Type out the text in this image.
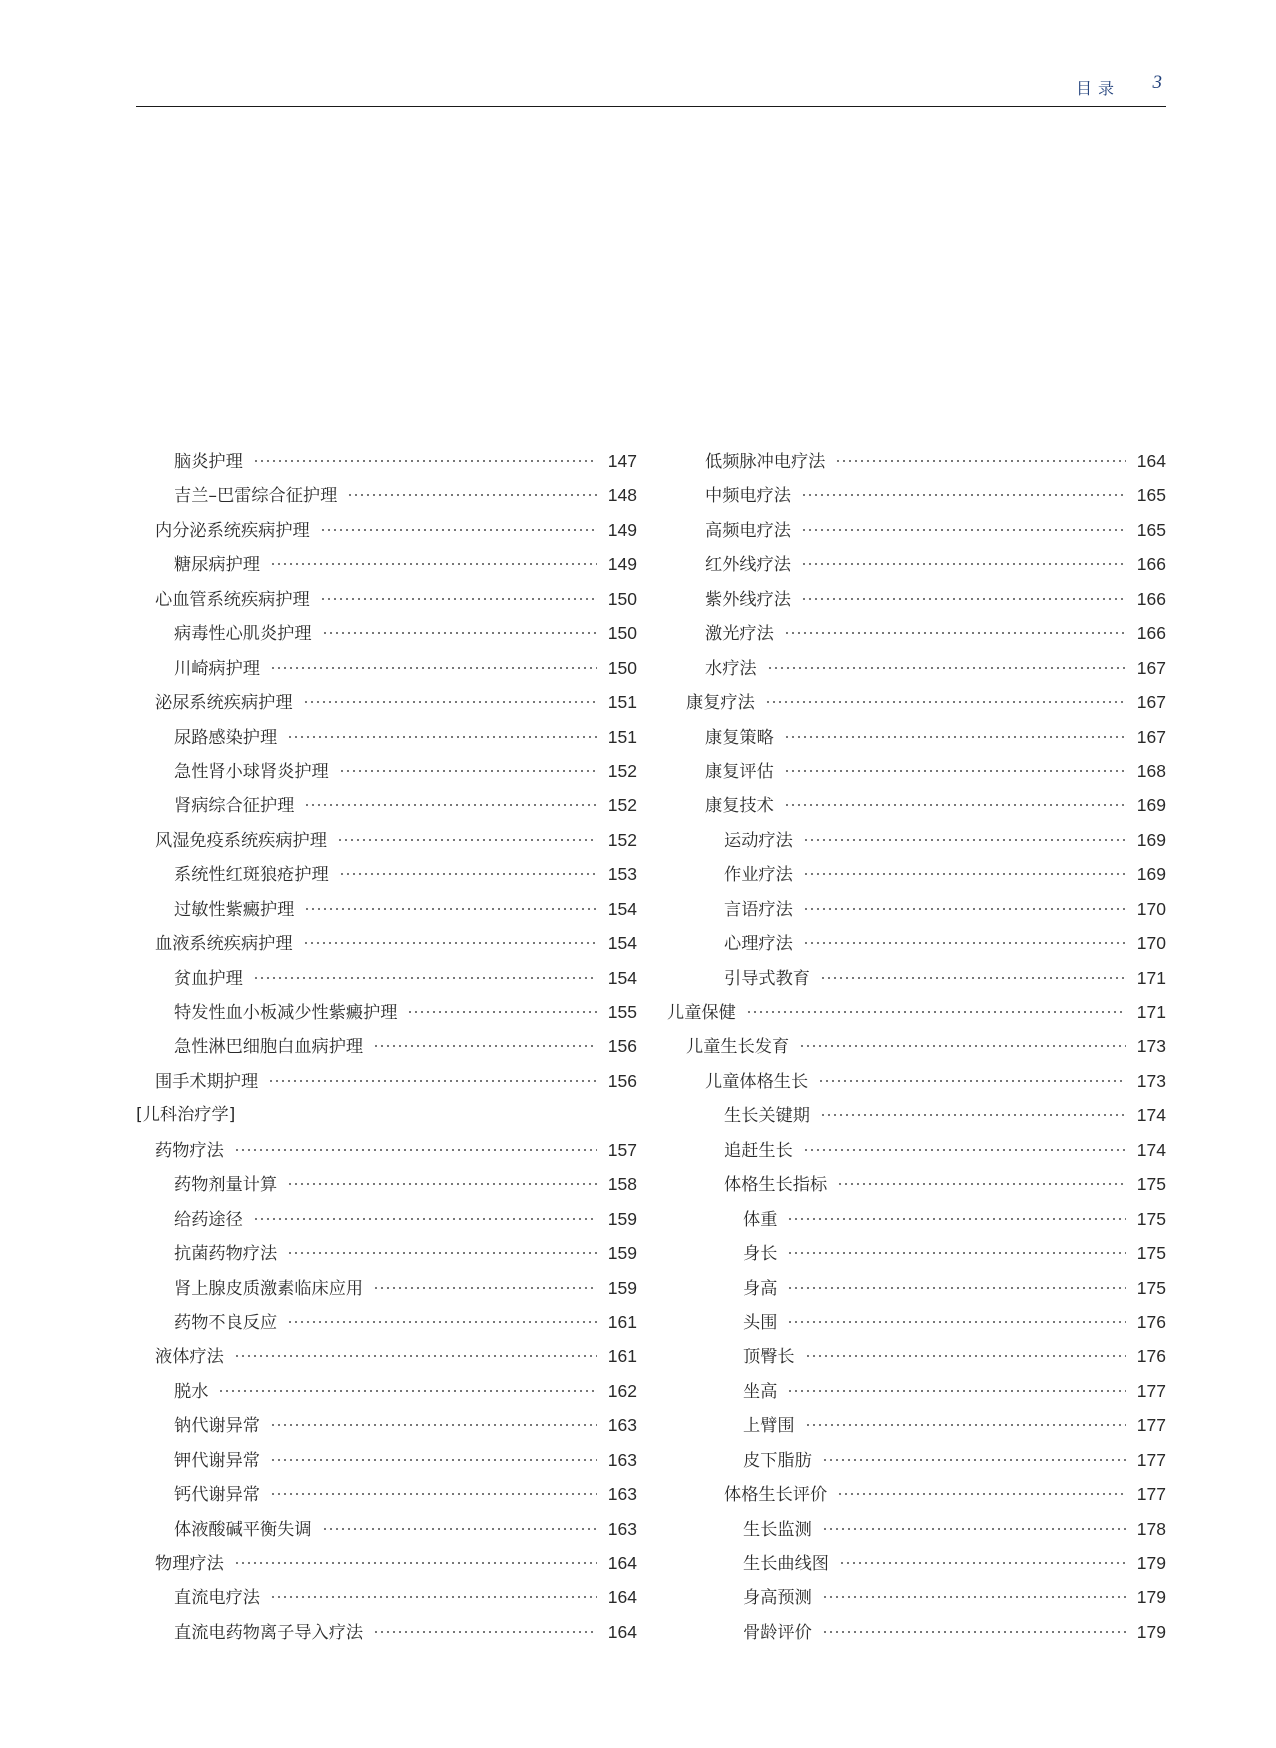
目录 3
脑炎护理	147
吉兰–巴雷综合征护理	148
内分泌系统疾病护理	149
糖尿病护理	149
心血管系统疾病护理	150
病毒性心肌炎护理	150
川崎病护理	150
泌尿系统疾病护理	151
尿路感染护理	151
急性肾小球肾炎护理	152
肾病综合征护理	152
风湿免疫系统疾病护理	152
系统性红斑狼疮护理	153
过敏性紫癜护理	154
血液系统疾病护理	154
贫血护理	154
特发性血小板减少性紫癜护理	155
急性淋巴细胞白血病护理	156
围手术期护理	156
[儿科治疗学]
药物疗法	157
药物剂量计算	158
给药途径	159
抗菌药物疗法	159
肾上腺皮质激素临床应用	159
药物不良反应	161
液体疗法	161
脱水	162
钠代谢异常	163
钾代谢异常	163
钙代谢异常	163
体液酸碱平衡失调	163
物理疗法	164
直流电疗法	164
直流电药物离子导入疗法	164
低频脉冲电疗法	164
中频电疗法	165
高频电疗法	165
红外线疗法	166
紫外线疗法	166
激光疗法	166
水疗法	167
康复疗法	167
康复策略	167
康复评估	168
康复技术	169
运动疗法	169
作业疗法	169
言语疗法	170
心理疗法	170
引导式教育	171
儿童保健	171
儿童生长发育	173
儿童体格生长	173
生长关键期	174
追赶生长	174
体格生长指标	175
体重	175
身长	175
身高	175
头围	176
顶臀长	176
坐高	177
上臂围	177
皮下脂肪	177
体格生长评价	177
生长监测	178
生长曲线图	179
身高预测	179
骨龄评价	179
